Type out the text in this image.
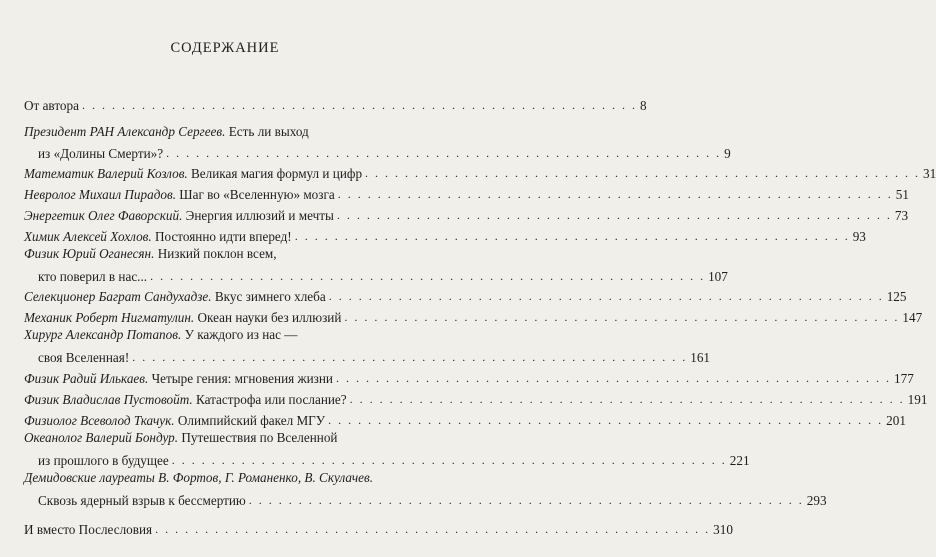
СОДЕРЖАНИЕ
От автора . . . . . . . . . . . . . . . . . . . . . . . . . . . . . . . . . . . . . . . . . . . . . . . . . . . . . . . . 8
Президент РАН Александр Сергеев. Есть ли выход
из «Долины Смерти»? . . . . . . . . . . . . . . . . . . . . . . . . . . . . . . . . . . . . . . . . . . . . . . . . . . . . . . . . 9
Математик Валерий Козлов. Великая магия формул и цифр . . . . . . . . . . . . . . . . . . . . . . . . . . . . . . . . . . . . . . . . . . . . . . . . . . . . . . . . 31
Невролог Михаил Пирадов. Шаг во «Вселенную» мозга . . . . . . . . . . . . . . . . . . . . . . . . . . . . . . . . . . . . . . . . . . . . . . . . . . . . . . . . 51
Энергетик Олег Фаворский. Энергия иллюзий и мечты . . . . . . . . . . . . . . . . . . . . . . . . . . . . . . . . . . . . . . . . . . . . . . . . . . . . . . . . 73
Химик Алексей Хохлов. Постоянно идти вперед! . . . . . . . . . . . . . . . . . . . . . . . . . . . . . . . . . . . . . . . . . . . . . . . . . . . . . . . . 93
Физик Юрий Оганесян. Низкий поклон всем,
кто поверил в нас... . . . . . . . . . . . . . . . . . . . . . . . . . . . . . . . . . . . . . . . . . . . . . . . . . . . . . . . . 107
Селекционер Баграт Сандухадзе. Вкус зимнего хлеба . . . . . . . . . . . . . . . . . . . . . . . . . . . . . . . . . . . . . . . . . . . . . . . . . . . . . . . . 125
Механик Роберт Нигматулин. Океан науки без иллюзий . . . . . . . . . . . . . . . . . . . . . . . . . . . . . . . . . . . . . . . . . . . . . . . . . . . . . . . . 147
Хирург Александр Потапов. У каждого из нас —
своя Вселенная! . . . . . . . . . . . . . . . . . . . . . . . . . . . . . . . . . . . . . . . . . . . . . . . . . . . . . . . . 161
Физик Радий Илькаев. Четыре гения: мгновения жизни . . . . . . . . . . . . . . . . . . . . . . . . . . . . . . . . . . . . . . . . . . . . . . . . . . . . . . . . 177
Физик Владислав Пустовойт. Катастрофа или послание? . . . . . . . . . . . . . . . . . . . . . . . . . . . . . . . . . . . . . . . . . . . . . . . . . . . . . . . . 191
Физиолог Всеволод Ткачук. Олимпийский факел МГУ . . . . . . . . . . . . . . . . . . . . . . . . . . . . . . . . . . . . . . . . . . . . . . . . . . . . . . . . 201
Океанолог Валерий Бондур. Путешествия по Вселенной
из прошлого в будущее . . . . . . . . . . . . . . . . . . . . . . . . . . . . . . . . . . . . . . . . . . . . . . . . . . . . . . . . 221
Демидовские лауреаты В. Фортов, Г. Романенко, В. Скулачев.
Сквозь ядерный взрыв к бессмертию . . . . . . . . . . . . . . . . . . . . . . . . . . . . . . . . . . . . . . . . . . . . . . . . . . . . . . . . 293
И вместо Послесловия . . . . . . . . . . . . . . . . . . . . . . . . . . . . . . . . . . . . . . . . . . . . . . . . . . . . . . . . 310
